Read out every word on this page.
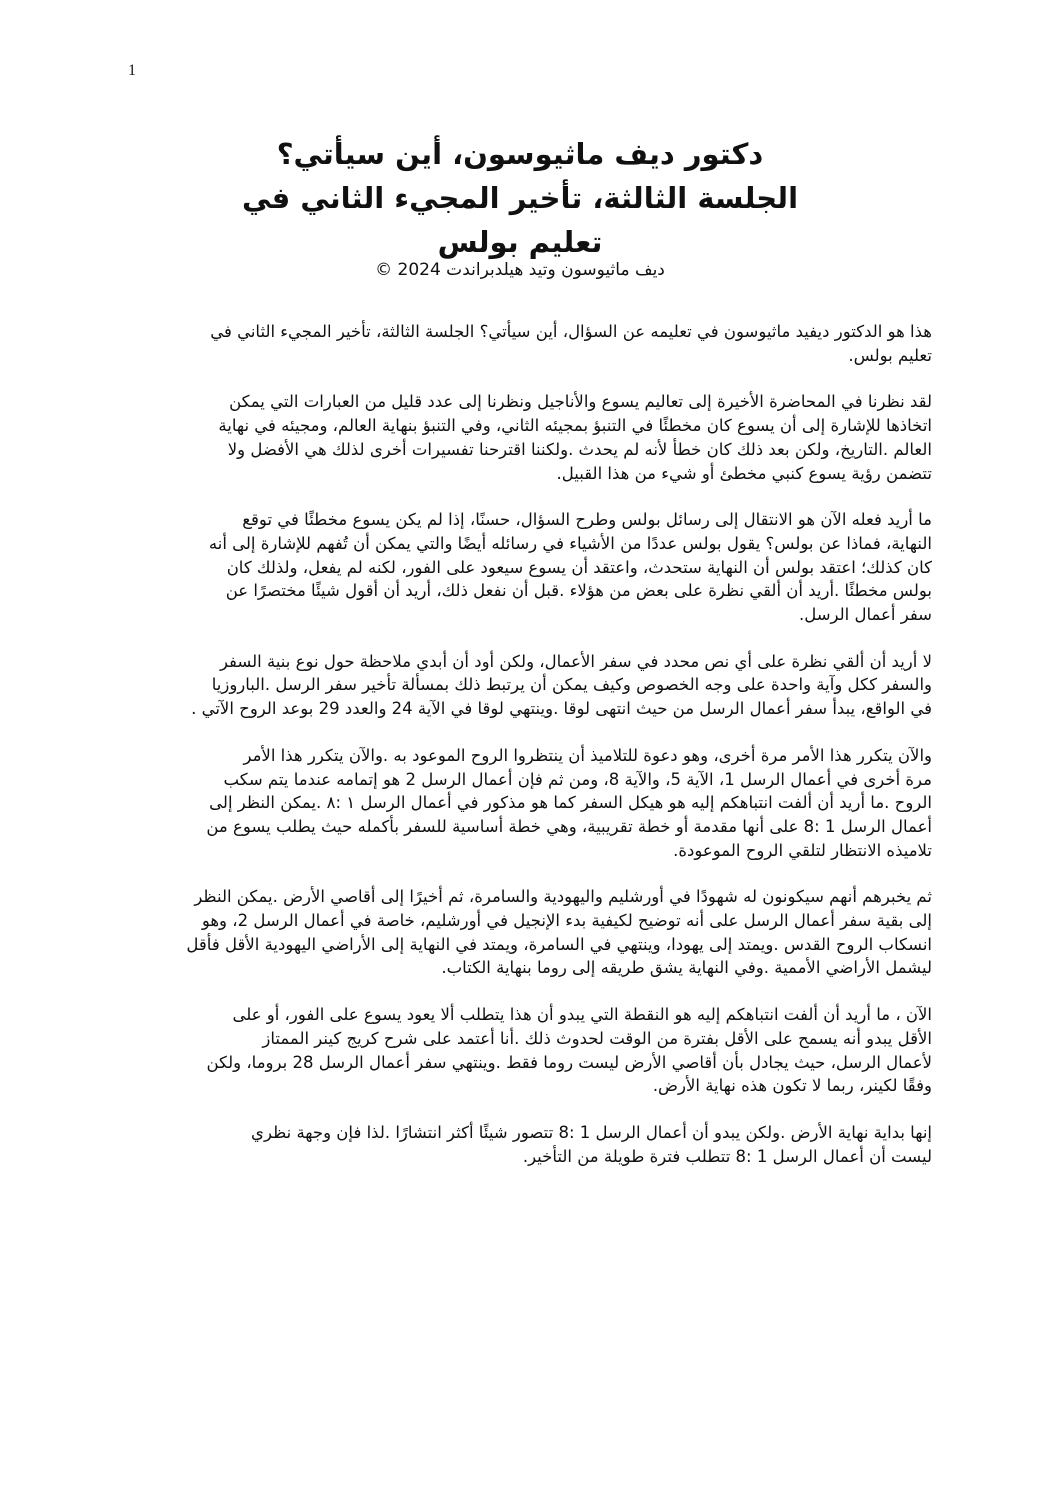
1
دكتور ديف ماثيوسون، أين سيأتي؟
الجلسة الثالثة، تأخير المجيء الثاني في
تعليم بولس
ديف ماثيوسون وتيد هيلدبراندت 2024 ©
هذا هو الدكتور ديفيد ماثيوسون في تعليمه عن السؤال، أين سيأتي؟ الجلسة الثالثة، تأخير المجيء الثاني في
تعليم بولس.
لقد نظرنا في المحاضرة الأخيرة إلى تعاليم يسوع والأناجيل ونظرنا إلى عدد قليل من العبارات التي يمكن
اتخاذها للإشارة إلى أن يسوع كان مخطئًا في التنبؤ بمجيئه الثاني، وفي التنبؤ بنهاية العالم، ومجيئه في نهاية
العالم .التاريخ، ولكن بعد ذلك كان خطأ لأنه لم يحدث .ولكننا اقترحنا تفسيرات أخرى لذلك هي الأفضل ولا
تتضمن رؤية يسوع كنبي مخطئ أو شيء من هذا القبيل.
ما أريد فعله الآن هو الانتقال إلى رسائل بولس وطرح السؤال، حسنًا، إذا لم يكن يسوع مخطئًا في توقع
النهاية، فماذا عن بولس؟ يقول بولس عددًا من الأشياء في رسائله أيضًا والتي يمكن أن تُفهم للإشارة إلى أنه
كان كذلك؛ اعتقد بولس أن النهاية ستحدث، واعتقد أن يسوع سيعود على الفور، لكنه لم يفعل، ولذلك كان
بولس مخطئًا .أريد أن ألقي نظرة على بعض من هؤلاء .قبل أن نفعل ذلك، أريد أن أقول شيئًا مختصرًا عن
سفر أعمال الرسل.
لا أريد أن ألقي نظرة على أي نص محدد في سفر الأعمال، ولكن أود أن أبدي ملاحظة حول نوع بنية السفر
والسفر ككل وآية واحدة على وجه الخصوص وكيف يمكن أن يرتبط ذلك بمسألة تأخير سفر الرسل .الباروزيا
في الواقع، يبدأ سفر أعمال الرسل من حيث انتهى لوقا .وينتهي لوقا في الآية 24 والعدد 29 بوعد الروح الآتي .
والآن يتكرر هذا الأمر مرة أخرى، وهو دعوة للتلاميذ أن ينتظروا الروح الموعود به .والآن يتكرر هذا الأمر
مرة أخرى في أعمال الرسل 1، الآية 5، والآية 8، ومن ثم فإن أعمال الرسل 2 هو إتمامه عندما يتم سكب
الروح .ما أريد أن ألفت انتباهكم إليه هو هيكل السفر كما هو مذكور في أعمال الرسل ١ :٨ .يمكن النظر إلى
أعمال الرسل 1 :8 على أنها مقدمة أو خطة تقريبية، وهي خطة أساسية للسفر بأكمله حيث يطلب يسوع من
تلاميذه الانتظار لتلقي الروح الموعودة.
ثم يخبرهم أنهم سيكونون له شهودًا في أورشليم واليهودية والسامرة، ثم أخيرًا إلى أقاصي الأرض .يمكن النظر
إلى بقية سفر أعمال الرسل على أنه توضيح لكيفية بدء الإنجيل في أورشليم، خاصة في أعمال الرسل 2، وهو
انسكاب الروح القدس .ويمتد إلى يهودا، وينتهي في السامرة، ويمتد في النهاية إلى الأراضي اليهودية الأقل فأقل
ليشمل الأراضي الأممية .وفي النهاية يشق طريقه إلى روما بنهاية الكتاب.
الآن ، ما أريد أن ألفت انتباهكم إليه هو النقطة التي يبدو أن هذا يتطلب ألا يعود يسوع على الفور، أو على
الأقل يبدو أنه يسمح على الأقل بفترة من الوقت لحدوث ذلك .أنا أعتمد على شرح كريج كينر الممتاز
لأعمال الرسل، حيث يجادل بأن أقاصي الأرض ليست روما فقط .وينتهي سفر أعمال الرسل 28 بروما، ولكن
وفقًا لكينر، ربما لا تكون هذه نهاية الأرض.
إنها بداية نهاية الأرض .ولكن يبدو أن أعمال الرسل 1 :8 تتصور شيئًا أكثر انتشارًا .لذا فإن وجهة نظري
ليست أن أعمال الرسل 1 :8 تتطلب فترة طويلة من التأخير.
